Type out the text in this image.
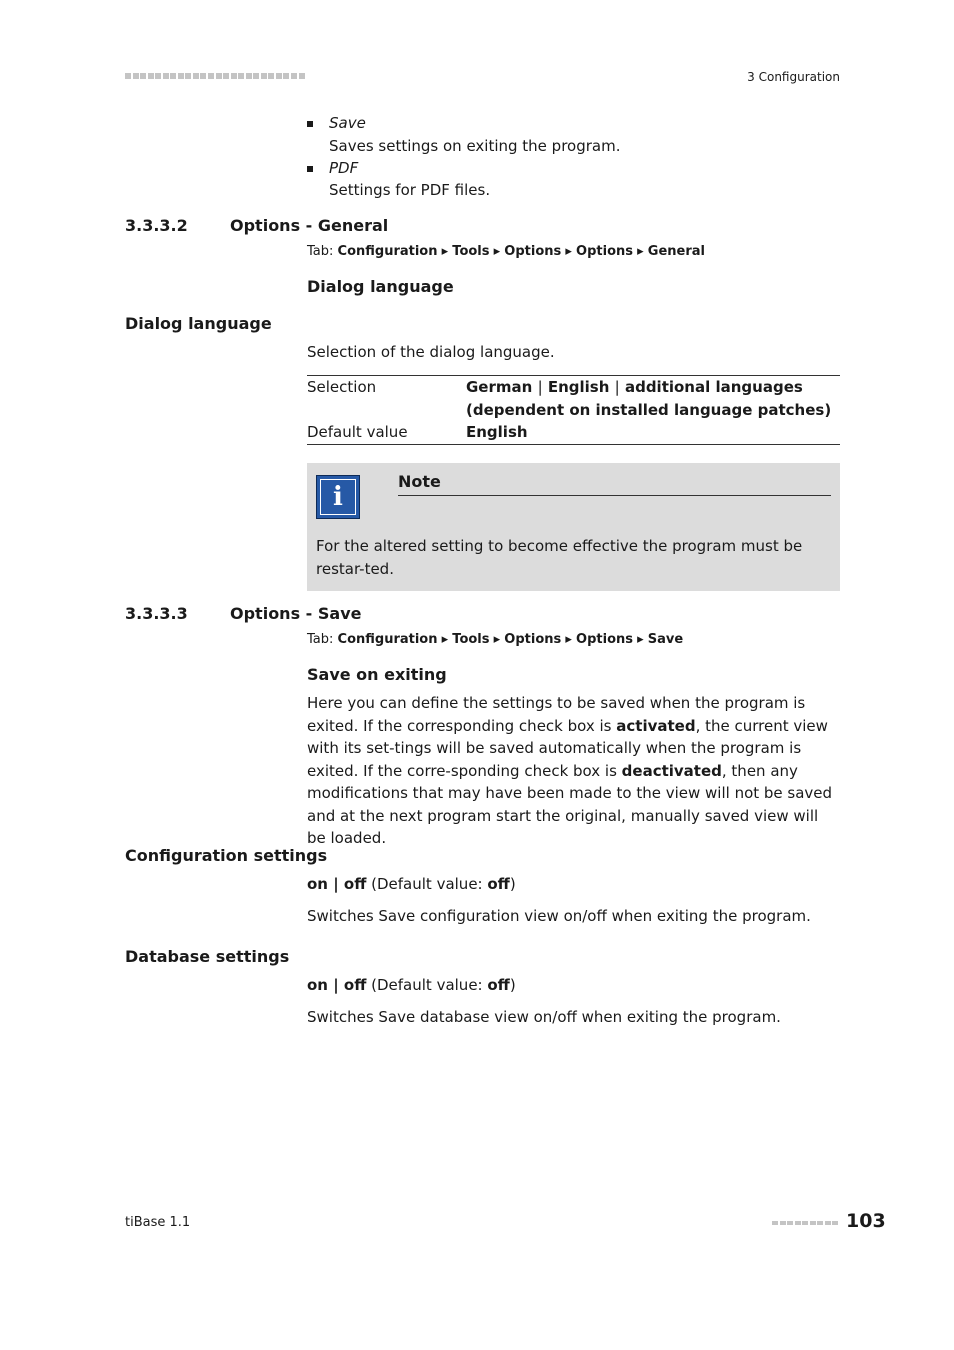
3 Configuration
Save
Saves settings on exiting the program.
PDF
Settings for PDF files.
3.3.3.2	Options - General
Tab: Configuration ▸ Tools ▸ Options ▸ Options ▸ General
Dialog language
Dialog language
Selection of the dialog language.
Selection	German | English | additional languages
(dependent on installed language patches)
Default value	English
i
Note
For the altered setting to become effective the program must be restar-ted.
3.3.3.3	Options - Save
Tab: Configuration ▸ Tools ▸ Options ▸ Options ▸ Save
Save on exiting
Here you can define the settings to be saved when the program is exited. If the corresponding check box is activated, the current view with its set-tings will be saved automatically when the program is exited. If the corre-sponding check box is deactivated, then any modifications that may have been made to the view will not be saved and at the next program start the original, manually saved view will be loaded.
Configuration settings
on | off (Default value: off)
Switches Save configuration view on/off when exiting the program.
Database settings
on | off (Default value: off)
Switches Save database view on/off when exiting the program.
tiBase 1.1	103
